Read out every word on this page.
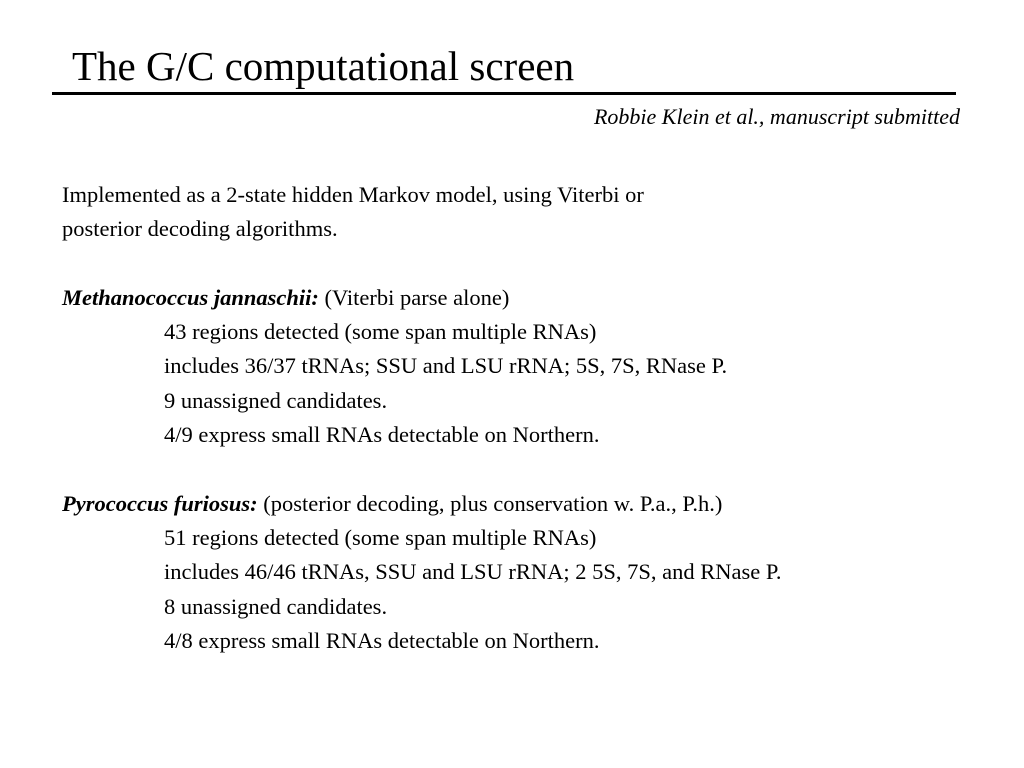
The G/C computational screen
Robbie Klein et al., manuscript submitted
Implemented as a 2-state hidden Markov model, using Viterbi or
posterior decoding algorithms.
Methanococcus jannaschii: (Viterbi parse alone)
43 regions detected (some span multiple RNAs)
includes 36/37 tRNAs; SSU and LSU rRNA; 5S, 7S, RNase P.
9 unassigned candidates.
4/9 express small RNAs detectable on Northern.
Pyrococcus furiosus: (posterior decoding, plus conservation w. P.a., P.h.)
51 regions detected (some span multiple RNAs)
includes 46/46 tRNAs, SSU and LSU rRNA; 2 5S, 7S, and RNase P.
8 unassigned candidates.
4/8 express small RNAs detectable on Northern.
